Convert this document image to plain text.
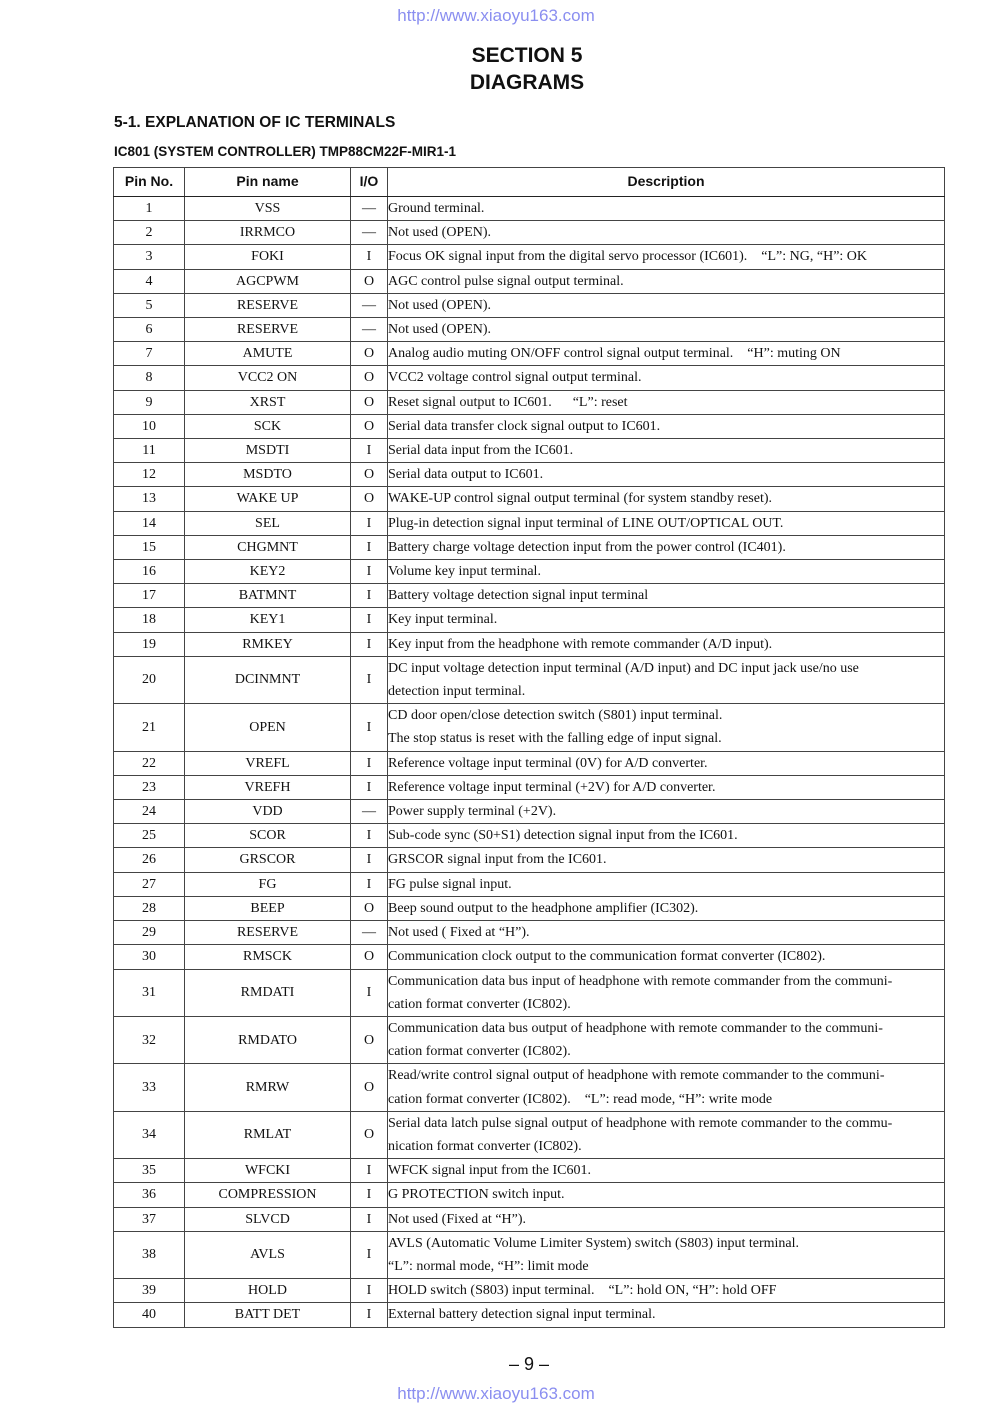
http://www.xiaoyu163.com
SECTION 5
DIAGRAMS
5-1. EXPLANATION OF IC TERMINALS
IC801 (SYSTEM CONTROLLER) TMP88CM22F-MIR1-1
Pin No.	Pin name	I/O	Description
1	VSS	—	Ground terminal.

2	IRRMCO	—	Not used (OPEN).

3	FOKI	I	Focus OK signal input from the digital servo processor (IC601).    “L”: NG, “H”: OK

4	AGCPWM	O	AGC control pulse signal output terminal.

5	RESERVE	—	Not used (OPEN).

6	RESERVE	—	Not used (OPEN).

7	AMUTE	O	Analog audio muting ON/OFF control signal output terminal.    “H”: muting ON

8	VCC2 ON	O	VCC2 voltage control signal output terminal.

9	XRST	O	Reset signal output to IC601.      “L”: reset

10	SCK	O	Serial data transfer clock signal output to IC601.

11	MSDTI	I	Serial data input from the IC601.

12	MSDTO	O	Serial data output to IC601.

13	WAKE UP	O	WAKE-UP control signal output terminal (for system standby reset).

14	SEL	I	Plug-in detection signal input terminal of LINE OUT/OPTICAL OUT.

15	CHGMNT	I	Battery charge voltage detection input from the power control (IC401).

16	KEY2	I	Volume key input terminal.

17	BATMNT	I	Battery voltage detection signal input terminal

18	KEY1	I	Key input terminal.

19	RMKEY	I	Key input from the headphone with remote commander (A/D input).

20	DCINMNT	I	DC input voltage detection input terminal (A/D input) and DC input jack use/no use
detection input terminal.

21	OPEN	I	CD door open/close detection switch (S801) input terminal.
The stop status is reset with the falling edge of input signal.

22	VREFL	I	Reference voltage input terminal (0V) for A/D converter.

23	VREFH	I	Reference voltage input terminal (+2V) for A/D converter.

24	VDD	—	Power supply terminal (+2V).

25	SCOR	I	Sub-code sync (S0+S1) detection signal input from the IC601.

26	GRSCOR	I	GRSCOR signal input from the IC601.

27	FG	I	FG pulse signal input.

28	BEEP	O	Beep sound output to the headphone amplifier (IC302).

29	RESERVE	—	Not used ( Fixed at “H”).

30	RMSCK	O	Communication clock output to the communication format converter (IC802).

31	RMDATI	I	Communication data bus input of headphone with remote commander from the communi-
cation format converter (IC802).

32	RMDATO	O	Communication data bus output of headphone with remote commander to the communi-
cation format converter (IC802).

33	RMRW	O	Read/write control signal output of headphone with remote commander to the communi-
cation format converter (IC802).    “L”: read mode, “H”: write mode

34	RMLAT	O	Serial data latch pulse signal output of headphone with remote commander to the commu-
nication format converter (IC802).

35	WFCKI	I	WFCK signal input from the IC601.

36	COMPRESSION	I	G PROTECTION switch input.

37	SLVCD	I	Not used (Fixed at “H”).

38	AVLS	I	AVLS (Automatic Volume Limiter System) switch (S803) input terminal.
“L”: normal mode, “H”: limit mode

39	HOLD	I	HOLD switch (S803) input terminal.    “L”: hold ON, “H”: hold OFF

40	BATT DET	I	External battery detection signal input terminal.
– 9 –
http://www.xiaoyu163.com
